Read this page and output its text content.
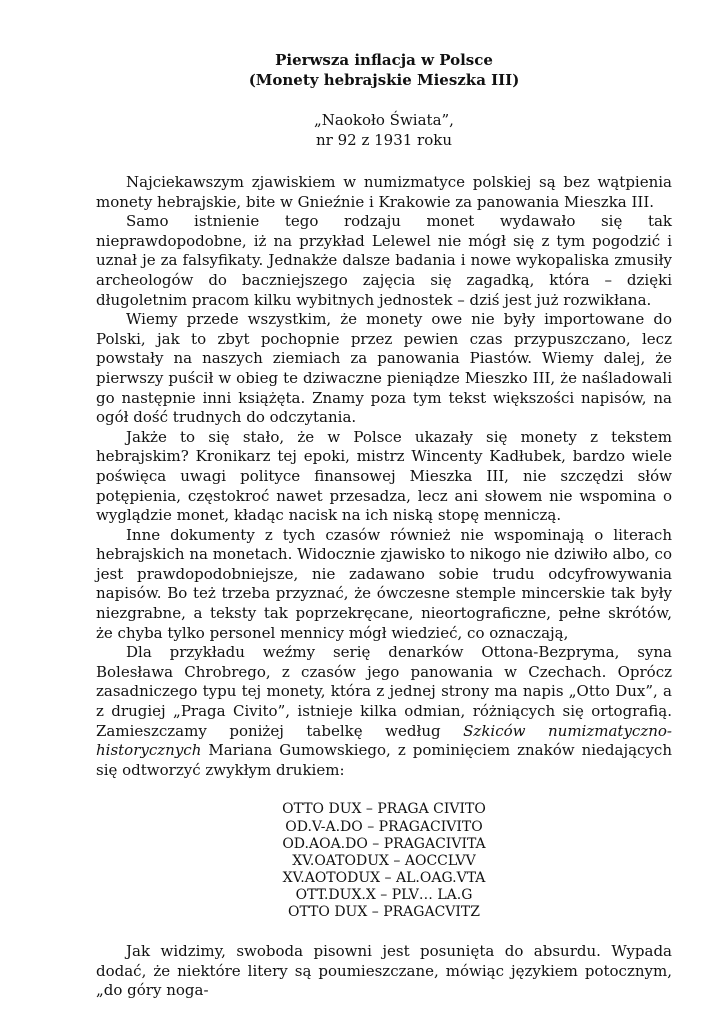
Pierwsza inflacja w Polsce

(Monety hebrajskie Mieszka III)

„Naokoło Świata”,

nr 92 z 1931 roku

Najciekawszym zjawiskiem w numizmatyce polskiej są bez wątpienia monety hebrajskie, bite w Gnieźnie i Krakowie za panowania Mieszka III.

Samo istnienie tego rodzaju monet wydawało się tak nieprawdopodobne, iż na przykład Lelewel nie mógł się z tym pogodzić i uznał je za falsyfikaty. Jednakże dalsze badania i nowe wykopaliska zmusiły archeologów do baczniejszego zajęcia się zagadką, która – dzięki długoletnim pracom kilku wybitnych jednostek – dziś jest już rozwikłana.

Wiemy przede wszystkim, że monety owe nie były importowane do Polski, jak to zbyt pochopnie przez pewien czas przypuszczano, lecz powstały na naszych ziemiach za panowania Piastów. Wiemy dalej, że pierwszy puścił w obieg te dziwaczne pieniądze Mieszko III, że naśladowali go następnie inni książęta. Znamy poza tym tekst większości napisów, na ogół dość trudnych do odczytania.

Jakże to się stało, że w Polsce ukazały się monety z tekstem hebrajskim? Kronikarz tej epoki, mistrz Wincenty Kadłubek, bardzo wiele poświęca uwagi polityce finansowej Mieszka III, nie szczędzi słów potępienia, częstokroć nawet przesadza, lecz ani słowem nie wspomina o wyglądzie monet, kładąc nacisk na ich niską stopę menniczą.

Inne dokumenty z tych czasów również nie wspominają o literach hebrajskich na monetach. Widocznie zjawisko to nikogo nie dziwiło albo, co jest prawdopodobniejsze, nie zadawano sobie trudu odcyfrowywania napisów. Bo też trzeba przyznać, że ówczesne stemple mincerskie tak były niezgrabne, a teksty tak poprzekręcane, nieortograficzne, pełne skrótów, że chyba tylko personel mennicy mógł wiedzieć, co oznaczają,

Dla przykładu weźmy serię denarków Ottona-Bezpryma, syna Bolesława Chrobrego, z czasów jego panowania w Czechach. Oprócz zasadniczego typu tej monety, która z jednej strony ma napis „Otto Dux”, a z drugiej „Praga Civito”, istnieje kilka odmian, różniących się ortografią. Zamieszczamy poniżej tabelkę według Szkiców numizmatyczno-historycznych Mariana Gumowskiego, z pominięciem znaków niedających się odtworzyć zwykłym drukiem:

OTTO DUX – PRAGA CIVITO
OD.V-A.DO – PRAGACIVITO
OD.AOA.DO – PRAGACIVITA
XV.OATODUX – AOCCLVV
XV.AOTODUX – AL.OAG.VTA
OTT.DUX.X – PLV… LA.G
OTTO DUX – PRAGACVITZ

Jak widzimy, swoboda pisowni jest posunięta do absurdu. Wypada dodać, że niektóre litery są poumieszczane, mówiąc językiem potocznym, „do góry noga-
